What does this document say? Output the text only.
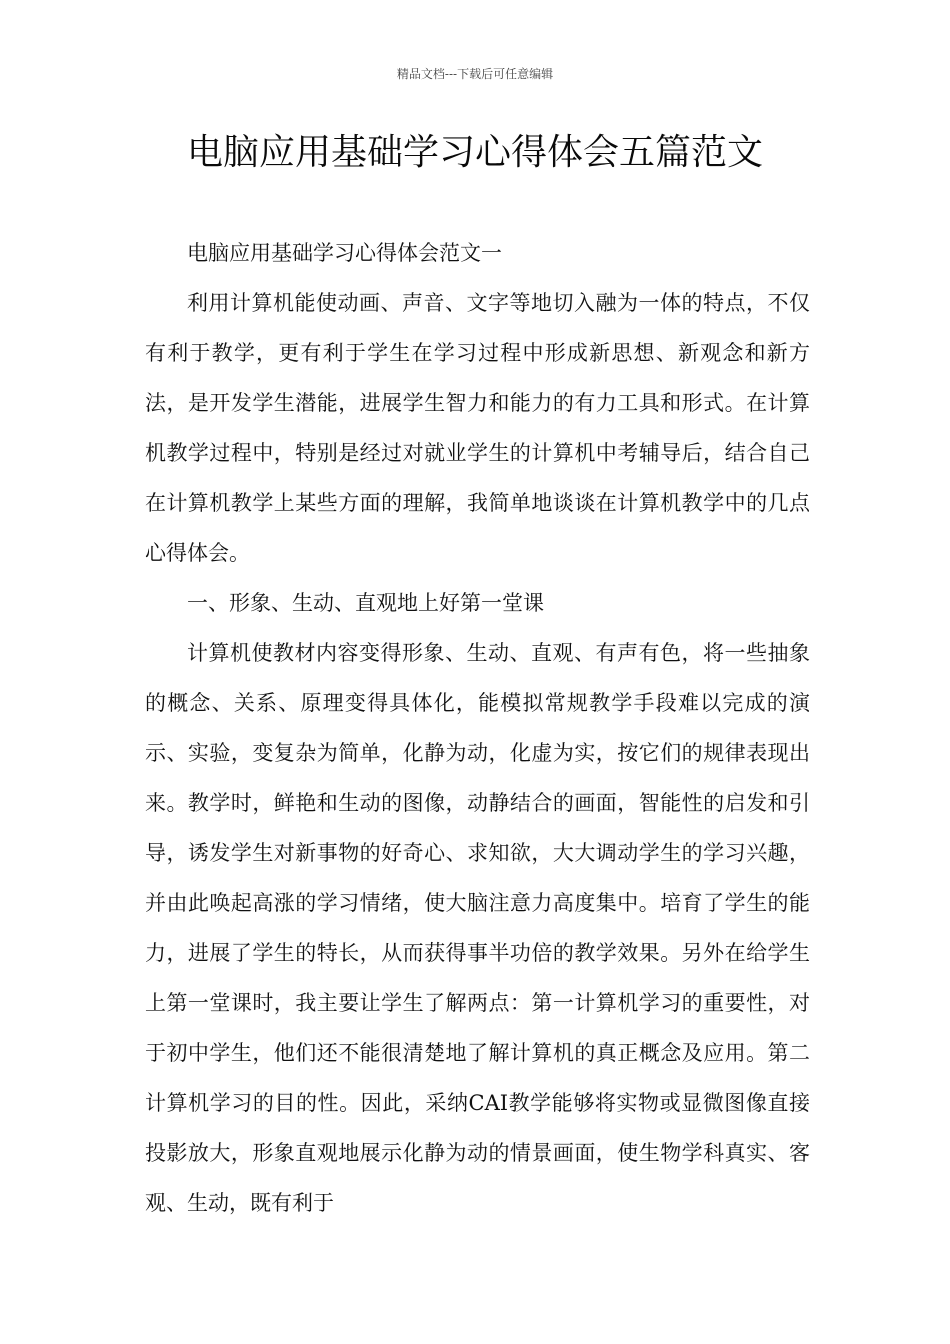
精品文档---下载后可任意编辑
电脑应用基础学习心得体会五篇范文

电脑应用基础学习心得体会范文一

利用计算机能使动画、声音、文字等地切入融为一体的特点，不仅有利于教学，更有利于学生在学习过程中形成新思想、新观念和新方法，是开发学生潜能，进展学生智力和能力的有力工具和形式。在计算机教学过程中，特别是经过对就业学生的计算机中考辅导后，结合自己在计算机教学上某些方面的理解，我简单地谈谈在计算机教学中的几点心得体会。

一、形象、生动、直观地上好第一堂课

计算机使教材内容变得形象、生动、直观、有声有色，将一些抽象的概念、关系、原理变得具体化，能模拟常规教学手段难以完成的演示、实验，变复杂为简单，化静为动，化虚为实，按它们的规律表现出来。教学时，鲜艳和生动的图像，动静结合的画面，智能性的启发和引导，诱发学生对新事物的好奇心、求知欲，大大调动学生的学习兴趣，并由此唤起高涨的学习情绪，使大脑注意力高度集中。培育了学生的能力，进展了学生的特长，从而获得事半功倍的教学效果。另外在给学生上第一堂课时，我主要让学生了解两点：第一计算机学习的重要性，对于初中学生，他们还不能很清楚地了解计算机的真正概念及应用。第二计算机学习的目的性。因此，采纳CAI教学能够将实物或显微图像直接投影放大，形象直观地展示化静为动的情景画面，使生物学科真实、客观、生动，既有利于
